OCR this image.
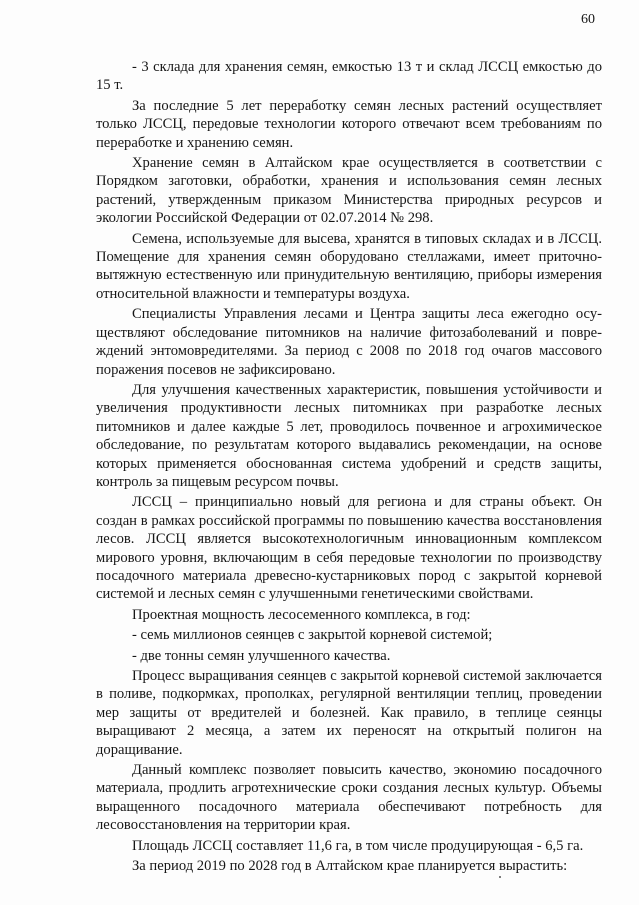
60

- 3 склада для хранения семян, емкостью 13 т и склад ЛССЦ емкостью до 15 т.

За последние 5 лет переработку семян лесных растений осуществляет только ЛССЦ, передовые технологии которого отвечают всем требованиям по переработке и хранению семян.

Хранение семян в Алтайском крае осуществляется в соответствии с Порядком заготовки, обработки, хранения и использования семян лесных растений, утвержденным приказом Министерства природных ресурсов и экологии Российской Федерации от 02.07.2014 № 298.

Семена, используемые для высева, хранятся в типовых складах и в ЛССЦ. Помещение для хранения семян оборудовано стеллажами, имеет приточно-вытяжную естественную или принудительную вентиляцию, приборы измерения относительной влажности и температуры воздуха.

Специалисты Управления лесами и Центра защиты леса ежегодно осуществляют обследование питомников на наличие фитозаболеваний и повреждений энтомовредителями. За период с 2008 по 2018 год очагов массового поражения посевов не зафиксировано.

Для улучшения качественных характеристик, повышения устойчивости и увеличения продуктивности лесных питомниках при разработке лесных питомников и далее каждые 5 лет, проводилось почвенное и агрохимическое обследование, по результатам которого выдавались рекомендации, на основе которых применяется обоснованная система удобрений и средств защиты, контроль за пищевым ресурсом почвы.

ЛССЦ – принципиально новый для региона и для страны объект. Он создан в рамках российской программы по повышению качества восстановления лесов. ЛССЦ является высокотехнологичным инновационным комплексом мирового уровня, включающим в себя передовые технологии по производству посадочного материала древесно-кустарниковых пород с закрытой корневой системой и лесных семян с улучшенными генетическими свойствами.

Проектная мощность лесосеменного комплекса, в год:

- семь миллионов сеянцев с закрытой корневой системой;

- две тонны семян улучшенного качества.

Процесс выращивания сеянцев с закрытой корневой системой заключается в поливе, подкормках, прополках, регулярной вентиляции теплиц, проведении мер защиты от вредителей и болезней. Как правило, в теплице сеянцы выращивают 2 месяца, а затем их переносят на открытый полигон на доращивание.

Данный комплекс позволяет повысить качество, экономию посадочного материала, продлить агротехнические сроки создания лесных культур. Объемы выращенного посадочного материала обеспечивают потребность для лесовосстановления на территории края.

Площадь ЛССЦ составляет 11,6 га, в том числе продуцирующая - 6,5 га.

За период 2019 по 2028 год в Алтайском крае планируется вырастить:
